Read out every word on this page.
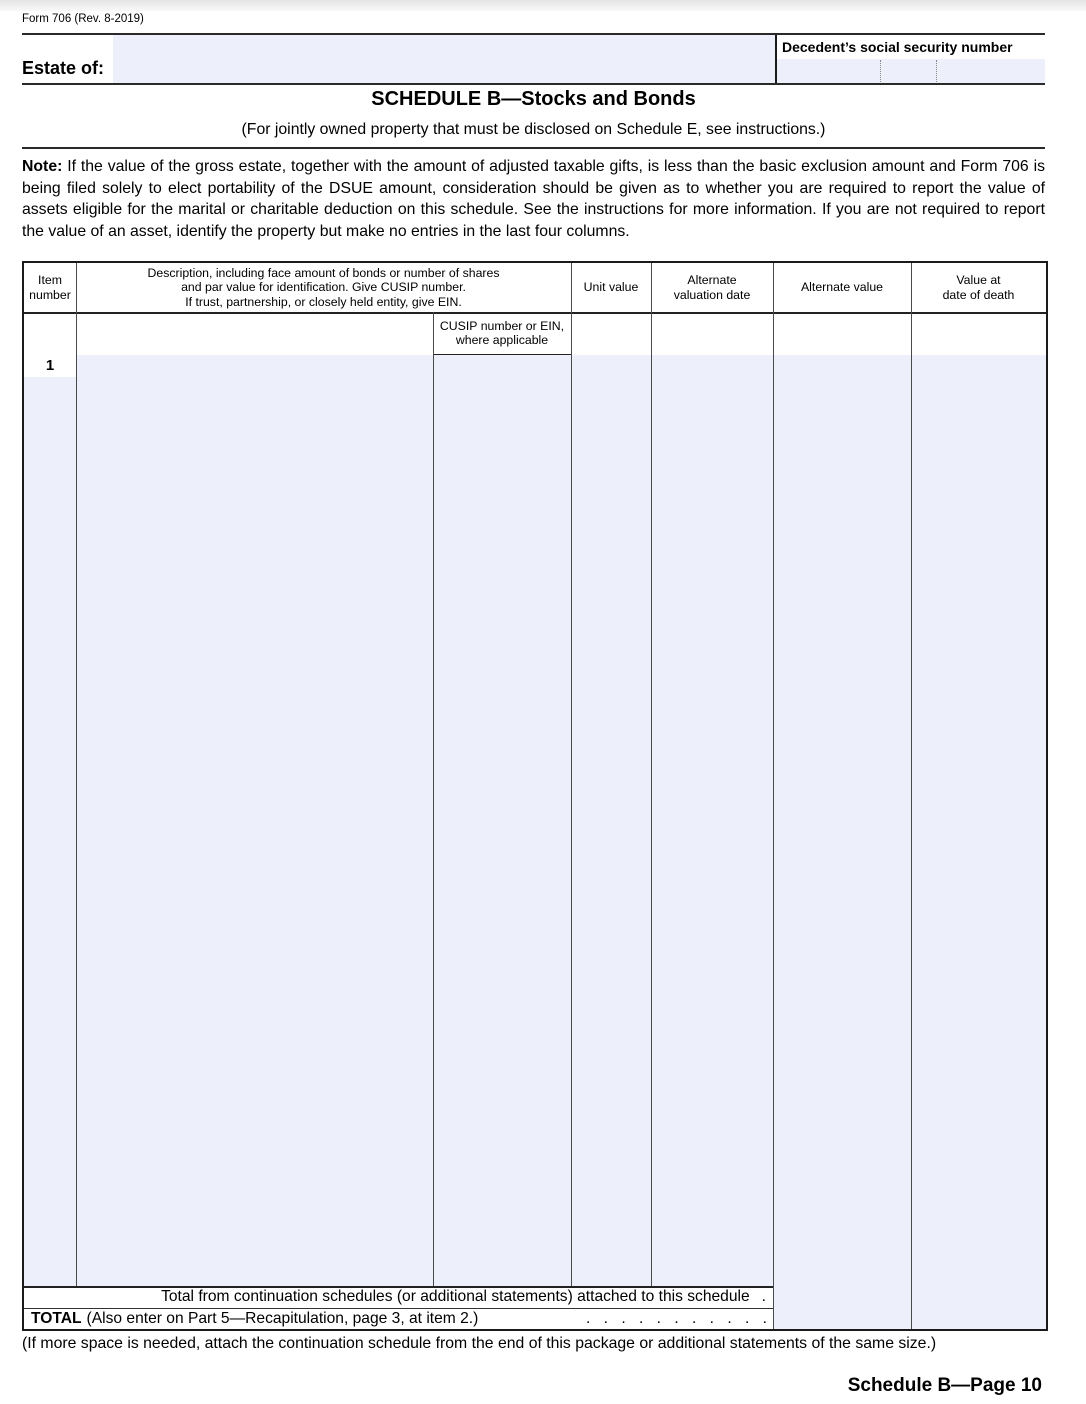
Form 706 (Rev. 8-2019)
Estate of:
Decedent’s social security number
SCHEDULE B—Stocks and Bonds
(For jointly owned property that must be disclosed on Schedule E, see instructions.)

Note: If the value of the gross estate, together with the amount of adjusted taxable gifts, is less than the basic exclusion amount and Form 706 is being filed solely to elect portability of the DSUE amount, consideration should be given as to whether you are required to report the value of assets eligible for the marital or charitable deduction on this schedule. See the instructions for more information. If you are not required to report the value of an asset, identify the property but make no entries in the last four columns.

Item
number
Description, including face amount of bonds or number of shares
and par value for identification. Give CUSIP number.
If trust, partnership, or closely held entity, give EIN.
Unit value
Alternate
valuation date
Alternate value
Value at
date of death
CUSIP number or EIN,
where applicable
1
Total from continuation schedules (or additional statements) attached to this schedule .
TOTAL (Also enter on Part 5—Recapitulation, page 3, at item 2.)	. . . . . . . . . . .
(If more space is needed, attach the continuation schedule from the end of this package or additional statements of the same size.)
Schedule B—Page 10
